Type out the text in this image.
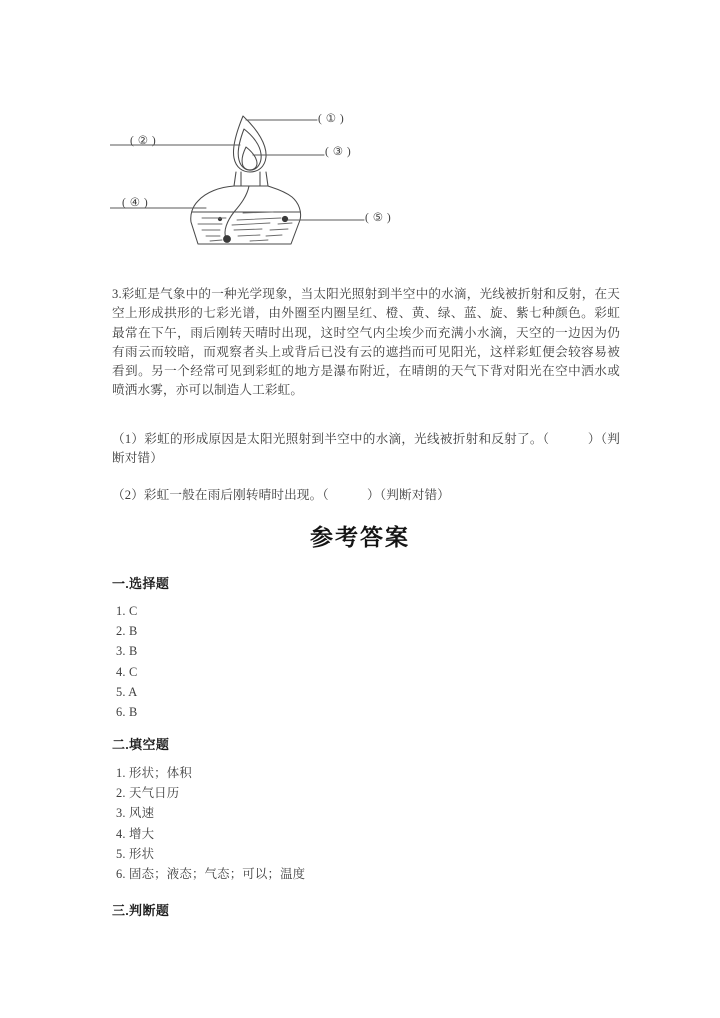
( ① )
( ② )
( ③ )
( ④ )
( ⑤ )
3.彩虹是气象中的一种光学现象，当太阳光照射到半空中的水滴，光线被折射和反射，在天空上形成拱形的七彩光谱，由外圈至内圈呈红、橙、黄、绿、蓝、旋、紫七种颜色。彩虹最常在下午，雨后刚转天晴时出现，这时空气内尘埃少而充满小水滴，天空的一边因为仍有雨云而较暗，而观察者头上或背后已没有云的遮挡而可见阳光，这样彩虹便会较容易被看到。另一个经常可见到彩虹的地方是瀑布附近，在晴朗的天气下背对阳光在空中洒水或喷洒水雾，亦可以制造人工彩虹。
（1）彩虹的形成原因是太阳光照射到半空中的水滴，光线被折射和反射了。（　　　）（判断对错）
（2）彩虹一般在雨后刚转晴时出现。（　　　）（判断对错）
参考答案
一.选择题
1. C
2. B
3. B
4. C
5. A
6. B
二.填空题
1. 形状；体积
2. 天气日历
3. 风速
4. 增大
5. 形状
6. 固态；液态；气态；可以；温度
三.判断题
